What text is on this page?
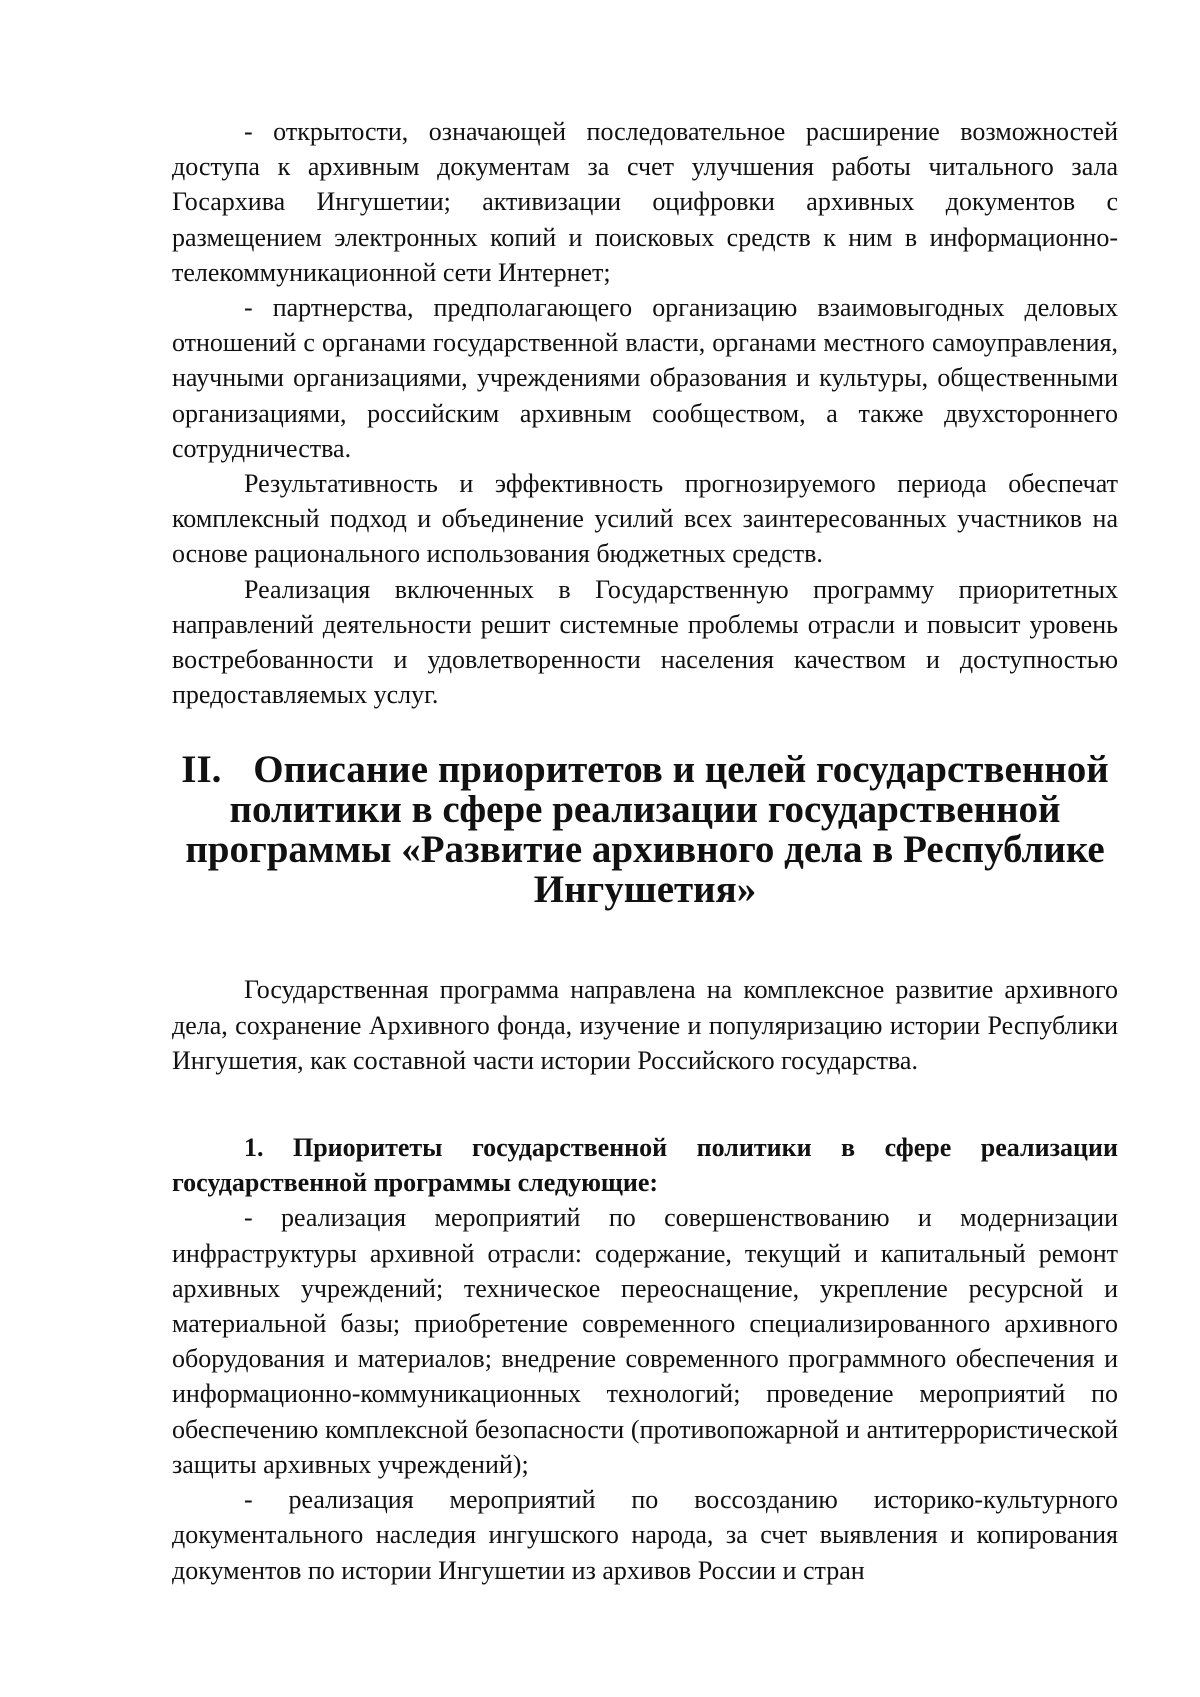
- открытости, означающей последовательное расширение возможностей доступа к архивным документам за счет улучшения работы читального зала Госархива Ингушетии; активизации оцифровки архивных документов с размещением электронных копий и поисковых средств к ним в информационно-телекоммуникационной сети Интернет;

- партнерства, предполагающего организацию взаимовыгодных деловых отношений с органами государственной власти, органами местного самоуправления, научными организациями, учреждениями образования и культуры, общественными организациями, российским архивным сообществом, а также двухстороннего сотрудничества.

Результативность и эффективность прогнозируемого периода обеспечат комплексный подход и объединение усилий всех заинтересованных участников на основе рационального использования бюджетных средств.

Реализация включенных в Государственную программу приоритетных направлений деятельности решит системные проблемы отрасли и повысит уровень востребованности и удовлетворенности населения качеством и доступностью предоставляемых услуг.

II. Описание приоритетов и целей государственной политики в сфере реализации государственной программы «Развитие архивного дела в Республике Ингушетия»

Государственная программа направлена на комплексное развитие архивного дела, сохранение Архивного фонда, изучение и популяризацию истории Республики Ингушетия, как составной части истории Российского государства.

1. Приоритеты государственной политики в сфере реализации государственной программы следующие:

- реализация мероприятий по совершенствованию и модернизации инфраструктуры архивной отрасли: содержание, текущий и капитальный ремонт архивных учреждений; техническое переоснащение, укрепление ресурсной и материальной базы; приобретение современного специализированного архивного оборудования и материалов; внедрение современного программного обеспечения и информационно-коммуникационных технологий; проведение мероприятий по обеспечению комплексной безопасности (противопожарной и антитеррористической защиты архивных учреждений);

- реализация мероприятий по воссозданию историко-культурного документального наследия ингушского народа, за счет выявления и копирования документов по истории Ингушетии из архивов России и стран
